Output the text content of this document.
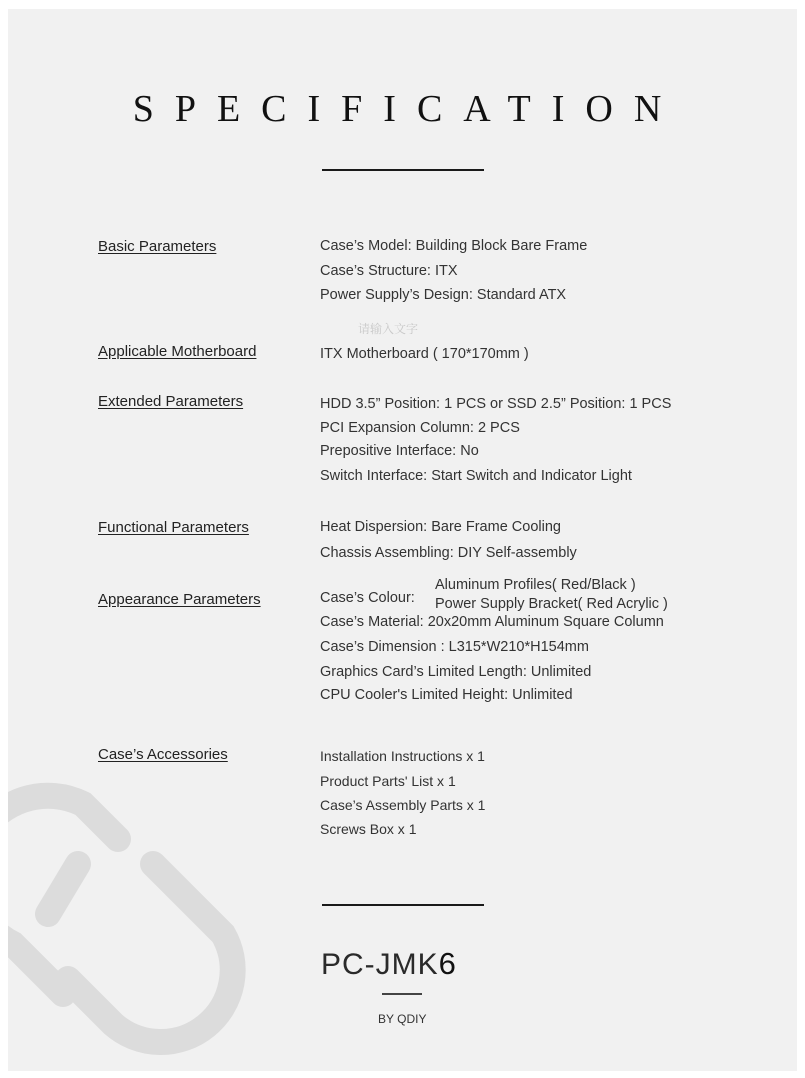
SPECIFICATION
Basic Parameters	Case’s Model: Building Block Bare Frame
Case’s Structure: ITX
Power Supply’s Design: Standard ATX
请输入文字
Applicable Motherboard	ITX Motherboard ( 170*170mm )
Extended Parameters	HDD 3.5” Position: 1 PCS or SSD 2.5” Position: 1 PCS
PCI Expansion Column: 2 PCS
Prepositive Interface: No
Switch Interface: Start Switch and Indicator Light
Functional Parameters	Heat Dispersion: Bare Frame Cooling
Chassis Assembling: DIY Self-assembly
Appearance Parameters	Case’s Colour:
Aluminum Profiles( Red/Black )
Power Supply Bracket( Red Acrylic )
Case’s Material: 20x20mm Aluminum Square Column
Case’s Dimension : L315*W210*H154mm
Graphics Card’s Limited Length: Unlimited
CPU Cooler's Limited Height: Unlimited
Case’s Accessories	Installation Instructions x 1
Product Parts' List x 1
Case’s Assembly Parts x 1
Screws Box x 1
PC-JMK6
BY QDIY
